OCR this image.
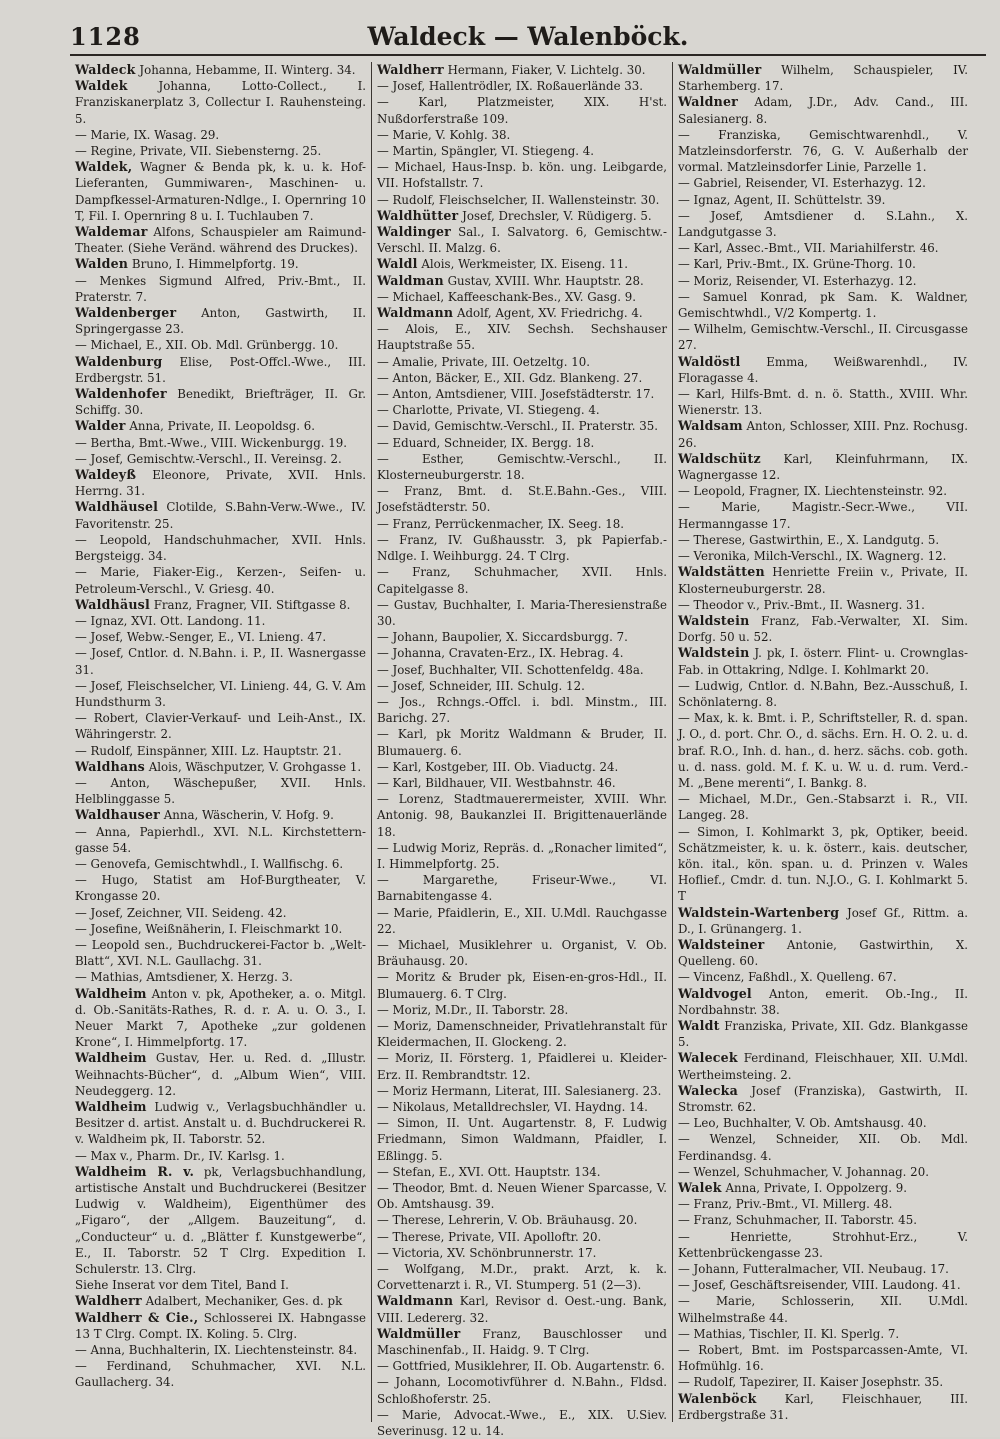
1128	Waldeck — Walenböck.
Waldeck Johanna, Hebamme, II. Winterg. 34.
Waldek Johanna, Lotto-Collect., I. Franziskanerplatz 3, Collectur I. Rauhensteing. 5.
— Marie, IX. Wasag. 29.
— Regine, Private, VII. Siebensterng. 25.
Waldek, Wagner & Benda pk, k. u. k. Hof-Lieferanten, Gummiwaren-, Maschinen- u. Dampfkessel-Armaturen-Ndlge., I. Opernring 10 T, Fil. I. Opernring 8 u. I. Tuchlauben 7.
Waldemar Alfons, Schauspieler am Raimund-Theater. (Siehe Veränd. während des Druckes).
Walden Bruno, I. Himmelpfortg. 19.
— Menkes Sigmund Alfred, Priv.-Bmt., II. Praterstr. 7.
Waldenberger Anton, Gastwirth, II. Springergasse 23.
— Michael, E., XII. Ob. Mdl. Grünbergg. 10.
Waldenburg Elise, Post-Offcl.-Wwe., III. Erdbergstr. 51.
Waldenhofer Benedikt, Briefträger, II. Gr. Schiffg. 30.
Walder Anna, Private, II. Leopoldsg. 6.
— Bertha, Bmt.-Wwe., VIII. Wickenburgg. 19.
— Josef, Gemischtw.-Verschl., II. Vereinsg. 2.
Waldeyß Eleonore, Private, XVII. Hnls. Herrng. 31.
Waldhäusel Clotilde, S.Bahn-Verw.-Wwe., IV. Favoritenstr. 25.
— Leopold, Handschuhmacher, XVII. Hnls. Bergsteigg. 34.
— Marie, Fiaker-Eig., Kerzen-, Seifen- u. Petroleum-Verschl., V. Griesg. 40.
Waldhäusl Franz, Fragner, VII. Stiftgasse 8.
— Ignaz, XVI. Ott. Landong. 11.
— Josef, Webw.-Senger, E., VI. Lnieng. 47.
— Josef, Cntlor. d. N.Bahn. i. P., II. Wasnergasse 31.
— Josef, Fleischselcher, VI. Linieng. 44, G. V. Am Hundsthurm 3.
— Robert, Clavier-Verkauf- und Leih-Anst., IX. Währingerstr. 2.
— Rudolf, Einspänner, XIII. Lz. Hauptstr. 21.
Waldhans Alois, Wäschputzer, V. Grohgasse 1.
— Anton, Wäschepußer, XVII. Hnls. Helblinggasse 5.
Waldhauser Anna, Wäscherin, V. Hofg. 9.
— Anna, Papierhdl., XVI. N.L. Kirchstettern-gasse 54.
— Genovefa, Gemischtwhdl., I. Wallfischg. 6.
— Hugo, Statist am Hof-Burgtheater, V. Krongasse 20.
— Josef, Zeichner, VII. Seideng. 42.
— Josefine, Weißnäherin, I. Fleischmarkt 10.
— Leopold sen., Buchdruckerei-Factor b. „Welt-Blatt“, XVI. N.L. Gaullachg. 31.
— Mathias, Amtsdiener, X. Herzg. 3.
Waldheim Anton v. pk, Apotheker, a. o. Mitgl. d. Ob.-Sanitäts-Rathes, R. d. r. A. u. O. 3., I. Neuer Markt 7, Apotheke „zur goldenen Krone“, I. Himmelpfortg. 17.
Waldheim Gustav, Her. u. Red. d. „Illustr. Weihnachts-Bücher“, d. „Album Wien“, VIII. Neudeggerg. 12.
Waldheim Ludwig v., Verlagsbuchhändler u. Besitzer d. artist. Anstalt u. d. Buchdruckerei R. v. Waldheim pk, II. Taborstr. 52.
— Max v., Pharm. Dr., IV. Karlsg. 1.
Waldheim R. v. pk, Verlagsbuchhandlung, artistische Anstalt und Buchdruckerei (Besitzer Ludwig v. Waldheim), Eigenthümer des „Figaro“, der „Allgem. Bauzeitung“, d. „Conducteur“ u. d. „Blätter f. Kunstgewerbe“, E., II. Taborstr. 52 T Clrg. Expedition I. Schulerstr. 13. Clrg.
Siehe Inserat vor dem Titel, Band I.
Waldherr Adalbert, Mechaniker, Ges. d. pk
Waldherr & Cie., Schlosserei IX. Habngasse 13 T Clrg. Compt. IX. Koling. 5. Clrg.
— Anna, Buchhalterin, IX. Liechtensteinstr. 84.
— Ferdinand, Schuhmacher, XVI. N.L. Gaullacherg. 34.
Waldherr Hermann, Fiaker, V. Lichtelg. 30.
— Josef, Hallentrödler, IX. Roßauerlände 33.
— Karl, Platzmeister, XIX. H'st. Nußdorferstraße 109.
— Marie, V. Kohlg. 38.
— Martin, Spängler, VI. Stiegeng. 4.
— Michael, Haus-Insp. b. kön. ung. Leibgarde, VII. Hofstallstr. 7.
— Rudolf, Fleischselcher, II. Wallensteinstr. 30.
Waldhütter Josef, Drechsler, V. Rüdigerg. 5.
Waldinger Sal., I. Salvatorg. 6, Gemischtw.-Verschl. II. Malzg. 6.
Waldl Alois, Werkmeister, IX. Eiseng. 11.
Waldman Gustav, XVIII. Whr. Hauptstr. 28.
— Michael, Kaffeeschank-Bes., XV. Gasg. 9.
Waldmann Adolf, Agent, XV. Friedrichg. 4.
— Alois, E., XIV. Sechsh. Sechshauser Hauptstraße 55.
— Amalie, Private, III. Oetzeltg. 10.
— Anton, Bäcker, E., XII. Gdz. Blankeng. 27.
— Anton, Amtsdiener, VIII. Josefstädterstr. 17.
— Charlotte, Private, VI. Stiegeng. 4.
— David, Gemischtw.-Verschl., II. Praterstr. 35.
— Eduard, Schneider, IX. Bergg. 18.
— Esther, Gemischtw.-Verschl., II. Klosterneuburgerstr. 18.
— Franz, Bmt. d. St.E.Bahn.-Ges., VIII. Josefstädterstr. 50.
— Franz, Perrückenmacher, IX. Seeg. 18.
— Franz, IV. Gußhausstr. 3, pk Papierfab.-Ndlge. I. Weihburgg. 24. T Clrg.
— Franz, Schuhmacher, XVII. Hnls. Capitelgasse 8.
— Gustav, Buchhalter, I. Maria-Theresienstraße 30.
— Johann, Baupolier, X. Siccardsburgg. 7.
— Johanna, Cravaten-Erz., IX. Hebrag. 4.
— Josef, Buchhalter, VII. Schottenfeldg. 48a.
— Josef, Schneider, III. Schulg. 12.
— Jos., Rchngs.-Offcl. i. bdl. Minstm., III. Barichg. 27.
— Karl, pk Moritz Waldmann & Bruder, II. Blumauerg. 6.
— Karl, Kostgeber, III. Ob. Viaductg. 24.
— Karl, Bildhauer, VII. Westbahnstr. 46.
— Lorenz, Stadtmauerermeister, XVIII. Whr. Antonig. 98, Baukanzlei II. Brigittenauerlände 18.
— Ludwig Moriz, Repräs. d. „Ronacher limited“, I. Himmelpfortg. 25.
— Margarethe, Friseur-Wwe., VI. Barnabitengasse 4.
— Marie, Pfaidlerin, E., XII. U.Mdl. Rauchgasse 22.
— Michael, Musiklehrer u. Organist, V. Ob. Bräuhausg. 20.
— Moritz & Bruder pk, Eisen-en-gros-Hdl., II. Blumauerg. 6. T Clrg.
— Moriz, M.Dr., II. Taborstr. 28.
— Moriz, Damenschneider, Privatlehranstalt für Kleidermachen, II. Glockeng. 2.
— Moriz, II. Försterg. 1, Pfaidlerei u. Kleider-Erz. II. Rembrandtstr. 12.
— Moriz Hermann, Literat, III. Salesianerg. 23.
— Nikolaus, Metalldrechsler, VI. Haydng. 14.
— Simon, II. Unt. Augartenstr. 8, F. Ludwig Friedmann, Simon Waldmann, Pfaidler, I. Eßlingg. 5.
— Stefan, E., XVI. Ott. Hauptstr. 134.
— Theodor, Bmt. d. Neuen Wiener Sparcasse, V. Ob. Amtshausg. 39.
— Therese, Lehrerin, V. Ob. Bräuhausg. 20.
— Therese, Private, VII. Apolloftr. 20.
— Victoria, XV. Schönbrunnerstr. 17.
— Wolfgang, M.Dr., prakt. Arzt, k. k. Corvettenarzt i. R., VI. Stumperg. 51 (2—3).
Waldmann Karl, Revisor d. Oest.-ung. Bank, VIII. Ledererg. 32.
Waldmüller Franz, Bauschlosser und Maschinenfab., II. Haidg. 9. T Clrg.
— Gottfried, Musiklehrer, II. Ob. Augartenstr. 6.
— Johann, Locomotivführer d. N.Bahn., Fldsd. Schloßhoferstr. 25.
— Marie, Advocat.-Wwe., E., XIX. U.Siev. Severinusg. 12 u. 14.
Waldmüller Wilhelm, Schauspieler, IV. Starhemberg. 17.
Waldner Adam, J.Dr., Adv. Cand., III. Salesianerg. 8.
— Franziska, Gemischtwarenhdl., V. Matzleinsdorferstr. 76, G. V. Außerhalb der vormal. Matzleinsdorfer Linie, Parzelle 1.
— Gabriel, Reisender, VI. Esterhazyg. 12.
— Ignaz, Agent, II. Schüttelstr. 39.
— Josef, Amtsdiener d. S.Lahn., X. Landgutgasse 3.
— Karl, Assec.-Bmt., VII. Mariahilferstr. 46.
— Karl, Priv.-Bmt., IX. Grüne-Thorg. 10.
— Moriz, Reisender, VI. Esterhazyg. 12.
— Samuel Konrad, pk Sam. K. Waldner, Gemischtwhdl., V/2 Kompertg. 1.
— Wilhelm, Gemischtw.-Verschl., II. Circusgasse 27.
Waldöstl Emma, Weißwarenhdl., IV. Floragasse 4.
— Karl, Hilfs-Bmt. d. n. ö. Statth., XVIII. Whr. Wienerstr. 13.
Waldsam Anton, Schlosser, XIII. Pnz. Rochusg. 26.
Waldschütz Karl, Kleinfuhrmann, IX. Wagnergasse 12.
— Leopold, Fragner, IX. Liechtensteinstr. 92.
— Marie, Magistr.-Secr.-Wwe., VII. Hermanngasse 17.
— Therese, Gastwirthin, E., X. Landgutg. 5.
— Veronika, Milch-Verschl., IX. Wagnerg. 12.
Waldstätten Henriette Freiin v., Private, II. Klosterneuburgerstr. 28.
— Theodor v., Priv.-Bmt., II. Wasnerg. 31.
Waldstein Franz, Fab.-Verwalter, XI. Sim. Dorfg. 50 u. 52.
Waldstein J. pk, I. österr. Flint- u. Crownglas-Fab. in Ottakring, Ndlge. I. Kohlmarkt 20.
— Ludwig, Cntlor. d. N.Bahn, Bez.-Ausschuß, I. Schönlaterng. 8.
— Max, k. k. Bmt. i. P., Schriftsteller, R. d. span. J. O., d. port. Chr. O., d. sächs. Ern. H. O. 2. u. d. braf. R.O., Inh. d. han., d. herz. sächs. cob. goth. u. d. nass. gold. M. f. K. u. W. u. d. rum. Verd.-M. „Bene merenti“, I. Bankg. 8.
— Michael, M.Dr., Gen.-Stabsarzt i. R., VII. Langeg. 28.
— Simon, I. Kohlmarkt 3, pk, Optiker, beeid. Schätzmeister, k. u. k. österr., kais. deutscher, kön. ital., kön. span. u. d. Prinzen v. Wales Hoflief., Cmdr. d. tun. N.J.O., G. I. Kohlmarkt 5. T
Waldstein-Wartenberg Josef Gf., Rittm. a. D., I. Grünangerg. 1.
Waldsteiner Antonie, Gastwirthin, X. Quelleng. 60.
— Vincenz, Faßhdl., X. Quelleng. 67.
Waldvogel Anton, emerit. Ob.-Ing., II. Nordbahnstr. 38.
Waldt Franziska, Private, XII. Gdz. Blankgasse 5.
Walecek Ferdinand, Fleischhauer, XII. U.Mdl. Wertheimsteing. 2.
Walecka Josef (Franziska), Gastwirth, II. Stromstr. 62.
— Leo, Buchhalter, V. Ob. Amtshausg. 40.
— Wenzel, Schneider, XII. Ob. Mdl. Ferdinandsg. 4.
— Wenzel, Schuhmacher, V. Johannag. 20.
Walek Anna, Private, I. Oppolzerg. 9.
— Franz, Priv.-Bmt., VI. Millerg. 48.
— Franz, Schuhmacher, II. Taborstr. 45.
— Henriette, Strohhut-Erz., V. Kettenbrückengasse 23.
— Johann, Futteralmacher, VII. Neubaug. 17.
— Josef, Geschäftsreisender, VIII. Laudong. 41.
— Marie, Schlosserin, XII. U.Mdl. Wilhelmstraße 44.
— Mathias, Tischler, II. Kl. Sperlg. 7.
— Robert, Bmt. im Postsparcassen-Amte, VI. Hofmühlg. 16.
— Rudolf, Tapezirer, II. Kaiser Josephstr. 35.
Walenböck Karl, Fleischhauer, III. Erdbergstraße 31.
